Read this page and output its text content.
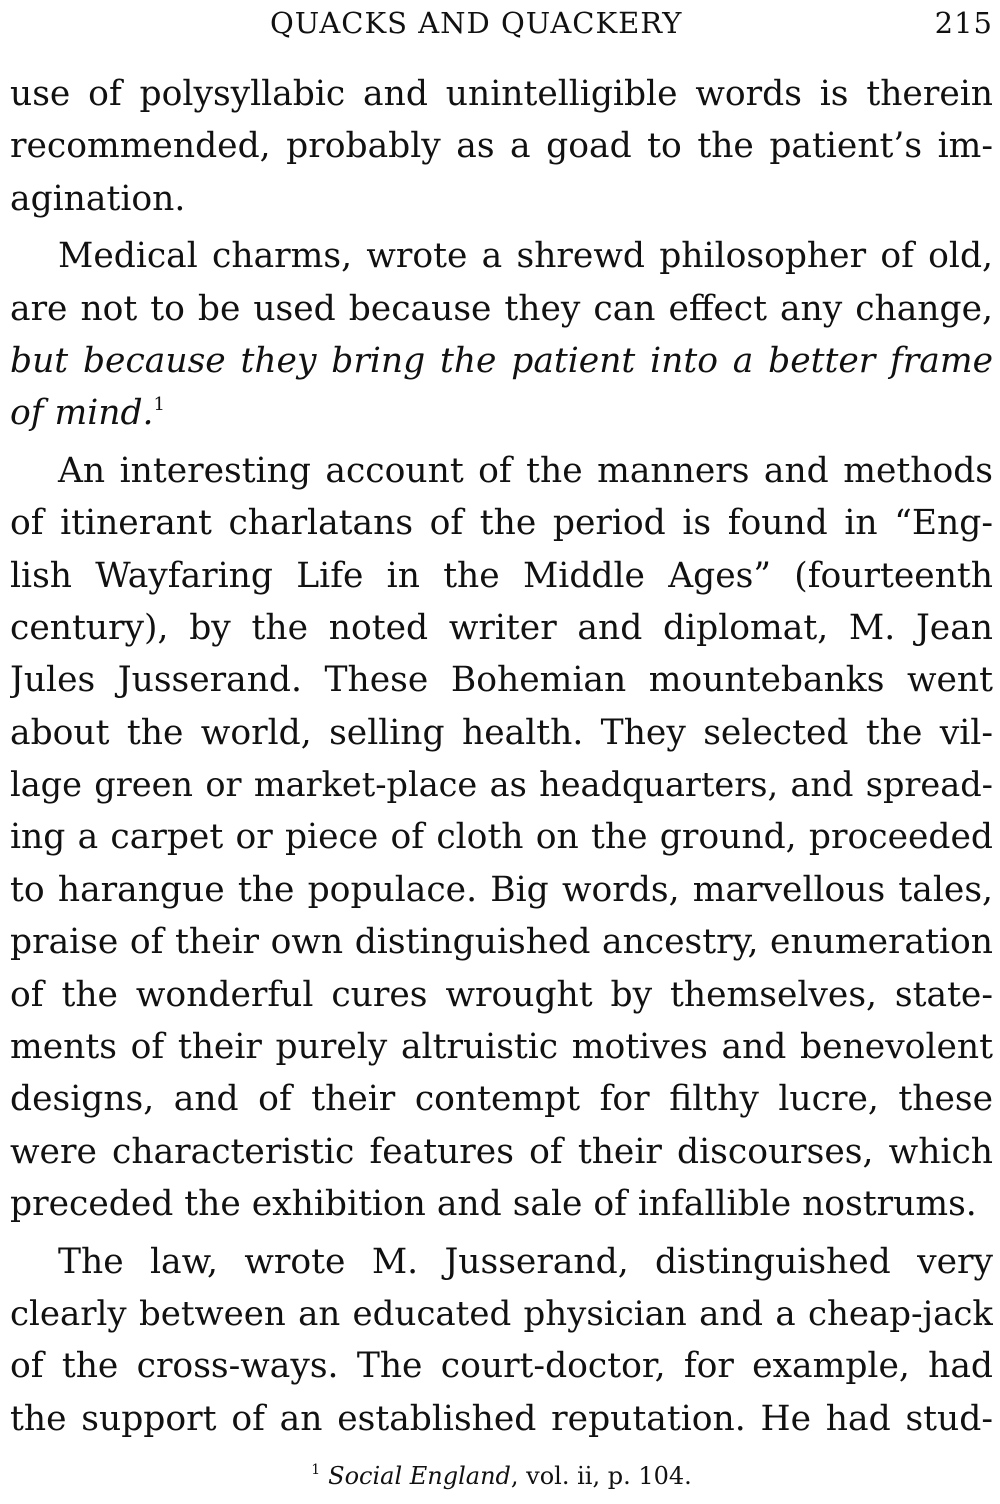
QUACKS AND QUACKERY	215
use of polysyllabic and unintelligible words is therein
recommended, probably as a goad to the patient’s im-
agination.
Medical charms, wrote a shrewd philosopher of old,
are not to be used because they can effect any change,
but because they bring the patient into a better frame
of mind.$^1$
An interesting account of the manners and methods
of itinerant charlatans of the period is found in “Eng-
lish Wayfaring Life in the Middle Ages” (fourteenth
century), by the noted writer and diplomat, M. Jean
Jules Jusserand. These Bohemian mountebanks went
about the world, selling health. They selected the vil-
lage green or market-place as headquarters, and spread-
ing a carpet or piece of cloth on the ground, proceeded
to harangue the populace. Big words, marvellous tales,
praise of their own distinguished ancestry, enumeration
of the wonderful cures wrought by themselves, state-
ments of their purely altruistic motives and benevolent
designs, and of their contempt for filthy lucre, these
were characteristic features of their discourses, which
preceded the exhibition and sale of infallible nostrums.
The law, wrote M. Jusserand, distinguished very
clearly between an educated physician and a cheap-jack
of the cross-ways. The court-doctor, for example, had
the support of an established reputation. He had stud-
$^1$ Social England, vol. ii, p. 104.
